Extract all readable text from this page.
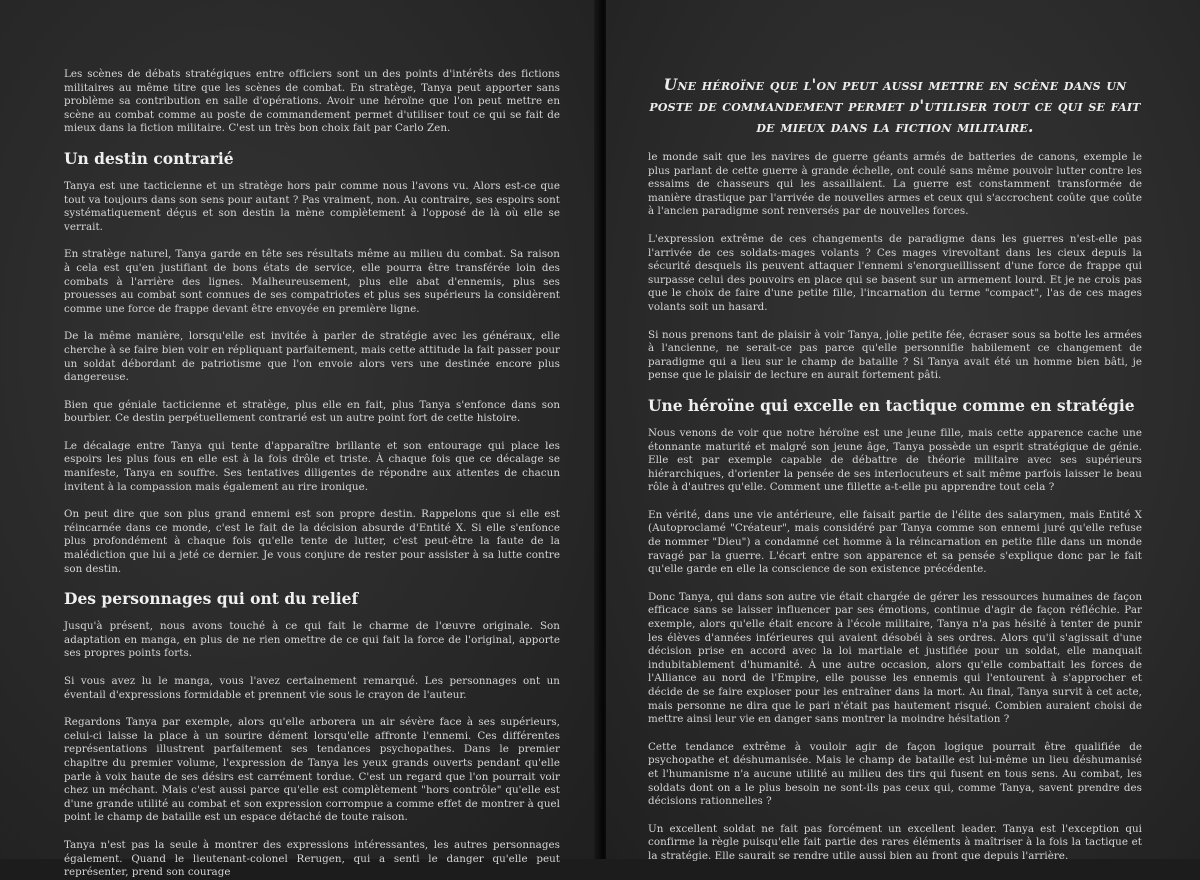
Les scènes de débats stratégiques entre officiers sont un des points d'intérêts des fictions militaires au même titre que les scènes de combat. En stratège, Tanya peut apporter sans problème sa contribution en salle d'opérations. Avoir une héroïne que l'on peut mettre en scène au combat comme au poste de commandement permet d'utiliser tout ce qui se fait de mieux dans la fiction militaire. C'est un très bon choix fait par Carlo Zen.

Un destin contrarié

Tanya est une tacticienne et un stratège hors pair comme nous l'avons vu. Alors est-ce que tout va toujours dans son sens pour autant ? Pas vraiment, non. Au contraire, ses espoirs sont systématiquement déçus et son destin la mène complètement à l'opposé de là où elle se verrait.

En stratège naturel, Tanya garde en tête ses résultats même au milieu du combat. Sa raison à cela est qu'en justifiant de bons états de service, elle pourra être transférée loin des combats à l'arrière des lignes. Malheureusement, plus elle abat d'ennemis, plus ses prouesses au combat sont connues de ses compatriotes et plus ses supérieurs la considèrent comme une force de frappe devant être envoyée en première ligne.

De la même manière, lorsqu'elle est invitée à parler de stratégie avec les généraux, elle cherche à se faire bien voir en répliquant parfaitement, mais cette attitude la fait passer pour un soldat débordant de patriotisme que l'on envoie alors vers une destinée encore plus dangereuse.

Bien que géniale tacticienne et stratège, plus elle en fait, plus Tanya s'enfonce dans son bourbier. Ce destin perpétuellement contrarié est un autre point fort de cette histoire.

Le décalage entre Tanya qui tente d'apparaître brillante et son entourage qui place les espoirs les plus fous en elle est à la fois drôle et triste. À chaque fois que ce décalage se manifeste, Tanya en souffre. Ses tentatives diligentes de répondre aux attentes de chacun invitent à la compassion mais également au rire ironique.

On peut dire que son plus grand ennemi est son propre destin. Rappelons que si elle est réincarnée dans ce monde, c'est le fait de la décision absurde d'Entité X. Si elle s'enfonce plus profondément à chaque fois qu'elle tente de lutter, c'est peut-être la faute de la malédiction que lui a jeté ce dernier. Je vous conjure de rester pour assister à sa lutte contre son destin.

Des personnages qui ont du relief

Jusqu'à présent, nous avons touché à ce qui fait le charme de l'œuvre originale. Son adaptation en manga, en plus de ne rien omettre de ce qui fait la force de l'original, apporte ses propres points forts.

Si vous avez lu le manga, vous l'avez certainement remarqué. Les personnages ont un éventail d'expressions formidable et prennent vie sous le crayon de l'auteur.

Regardons Tanya par exemple, alors qu'elle arborera un air sévère face à ses supérieurs, celui-ci laisse la place à un sourire dément lorsqu'elle affronte l'ennemi. Ces différentes représentations illustrent parfaitement ses tendances psychopathes. Dans le premier chapitre du premier volume, l'expression de Tanya les yeux grands ouverts pendant qu'elle parle à voix haute de ses désirs est carrément tordue. C'est un regard que l'on pourrait voir chez un méchant. Mais c'est aussi parce qu'elle est complètement "hors contrôle" qu'elle est d'une grande utilité au combat et son expression corrompue a comme effet de montrer à quel point le champ de bataille est un espace détaché de toute raison.

Tanya n'est pas la seule à montrer des expressions intéressantes, les autres personnages également. Quand le lieutenant-colonel Rerugen, qui a senti le danger qu'elle peut représenter, prend son courage

Une héroïne que l'on peut aussi mettre en scène dans un poste de commandement permet d'utiliser tout ce qui se fait de mieux dans la fiction militaire.

le monde sait que les navires de guerre géants armés de batteries de canons, exemple le plus parlant de cette guerre à grande échelle, ont coulé sans même pouvoir lutter contre les essaims de chasseurs qui les assaillaient. La guerre est constamment transformée de manière drastique par l'arrivée de nouvelles armes et ceux qui s'accrochent coûte que coûte à l'ancien paradigme sont renversés par de nouvelles forces.

L'expression extrême de ces changements de paradigme dans les guerres n'est-elle pas l'arrivée de ces soldats-mages volants ? Ces mages virevoltant dans les cieux depuis la sécurité desquels ils peuvent attaquer l'ennemi s'enorgueillissent d'une force de frappe qui surpasse celui des pouvoirs en place qui se basent sur un armement lourd. Et je ne crois pas que le choix de faire d'une petite fille, l'incarnation du terme "compact", l'as de ces mages volants soit un hasard.

Si nous prenons tant de plaisir à voir Tanya, jolie petite fée, écraser sous sa botte les armées à l'ancienne, ne serait-ce pas parce qu'elle personnifie habilement ce changement de paradigme qui a lieu sur le champ de bataille ? Si Tanya avait été un homme bien bâti, je pense que le plaisir de lecture en aurait fortement pâti.

Une héroïne qui excelle en tactique comme en stratégie

Nous venons de voir que notre héroïne est une jeune fille, mais cette apparence cache une étonnante maturité et malgré son jeune âge, Tanya possède un esprit stratégique de génie. Elle est par exemple capable de débattre de théorie militaire avec ses supérieurs hiérarchiques, d'orienter la pensée de ses interlocuteurs et sait même parfois laisser le beau rôle à d'autres qu'elle. Comment une fillette a-t-elle pu apprendre tout cela ?

En vérité, dans une vie antérieure, elle faisait partie de l'élite des salarymen, mais Entité X (Autoproclamé "Créateur", mais considéré par Tanya comme son ennemi juré qu'elle refuse de nommer "Dieu") a condamné cet homme à la réincarnation en petite fille dans un monde ravagé par la guerre. L'écart entre son apparence et sa pensée s'explique donc par le fait qu'elle garde en elle la conscience de son existence précédente.

Donc Tanya, qui dans son autre vie était chargée de gérer les ressources humaines de façon efficace sans se laisser influencer par ses émotions, continue d'agir de façon réfléchie. Par exemple, alors qu'elle était encore à l'école militaire, Tanya n'a pas hésité à tenter de punir les élèves d'années inférieures qui avaient désobéi à ses ordres. Alors qu'il s'agissait d'une décision prise en accord avec la loi martiale et justifiée pour un soldat, elle manquait indubitablement d'humanité. À une autre occasion, alors qu'elle combattait les forces de l'Alliance au nord de l'Empire, elle pousse les ennemis qui l'entourent à s'approcher et décide de se faire exploser pour les entraîner dans la mort. Au final, Tanya survit à cet acte, mais personne ne dira que le pari n'était pas hautement risqué. Combien auraient choisi de mettre ainsi leur vie en danger sans montrer la moindre hésitation ?

Cette tendance extrême à vouloir agir de façon logique pourrait être qualifiée de psychopathe et déshumanisée. Mais le champ de bataille est lui-même un lieu déshumanisé et l'humanisme n'a aucune utilité au milieu des tirs qui fusent en tous sens. Au combat, les soldats dont on a le plus besoin ne sont-ils pas ceux qui, comme Tanya, savent prendre des décisions rationnelles ?

Un excellent soldat ne fait pas forcément un excellent leader. Tanya est l'exception qui confirme la règle puisqu'elle fait partie des rares éléments à maîtriser à la fois la tactique et la stratégie. Elle saurait se rendre utile aussi bien au front que depuis l'arrière.
